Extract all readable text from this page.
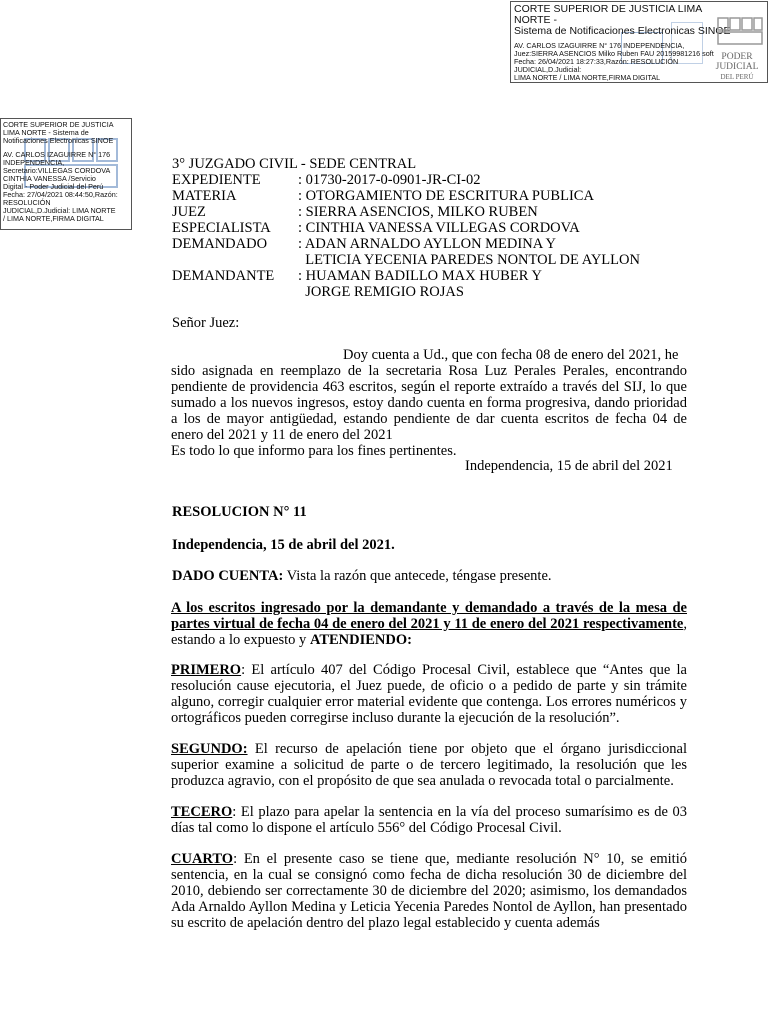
CORTE SUPERIOR DE JUSTICIA LIMA NORTE -
Sistema de Notificaciones Electronicas SINOE
AV. CARLOS IZAGUIRRE N° 176 INDEPENDENCIA,
Juez:SIERRA ASENCIOS Milko Ruben FAU 20159981216 soft
Fecha: 26/04/2021 18:27:33,Razón: RESOLUCIÓN JUDICIAL,D.Judicial:
LIMA NORTE / LIMA NORTE,FIRMA DIGITAL
PODER JUDICIAL
DEL PERÚ
CORTE SUPERIOR DE JUSTICIA
LIMA NORTE - Sistema de
Notificaciones Electronicas SINOE
AV. CARLOS IZAGUIRRE N° 176
INDEPENDENCIA,
Secretario:VILLEGAS CORDOVA
CINTHIA VANESSA /Servicio
Digital - Poder Judicial del Perú
Fecha: 27/04/2021 08:44:50,Razón:
RESOLUCIÓN
JUDICIAL,D.Judicial: LIMA NORTE
/ LIMA NORTE,FIRMA DIGITAL
3° JUZGADO CIVIL - SEDE CENTRAL
EXPEDIENTE	: 01730-2017-0-0901-JR-CI-02
MATERIA	: OTORGAMIENTO DE ESCRITURA PUBLICA
JUEZ	: SIERRA ASENCIOS, MILKO RUBEN
ESPECIALISTA : CINTHIA VANESSA VILLEGAS CORDOVA
DEMANDADO : ADAN ARNALDO AYLLON MEDINA Y
LETICIA YECENIA PAREDES NONTOL DE AYLLON
DEMANDANTE : HUAMAN BADILLO MAX HUBER Y
JORGE REMIGIO ROJAS
Señor Juez:
Doy cuenta a Ud., que con fecha 08 de enero del 2021, he
sido asignada en reemplazo de la secretaria Rosa Luz Perales Perales, encontrando
pendiente de providencia 463 escritos, según el reporte extraído a través del SIJ, lo que
sumado a los nuevos ingresos, estoy dando cuenta en forma progresiva, dando prioridad
a los de mayor antigüedad, estando pendiente de dar cuenta escritos de fecha 04 de
enero del 2021 y 11 de enero del 2021
Es todo lo que informo para los fines pertinentes.
Independencia, 15 de abril del 2021
RESOLUCION N° 11
Independencia, 15 de abril del 2021.
DADO CUENTA: Vista la razón que antecede, téngase presente.
A los escritos ingresado por la demandante y demandado a través de la mesa de partes virtual de fecha 04 de enero del 2021 y 11 de enero del 2021 respectivamente, estando a lo expuesto y ATENDIENDO:
PRIMERO: El artículo 407 del Código Procesal Civil, establece que “Antes que la resolución cause ejecutoria, el Juez puede, de oficio o a pedido de parte y sin trámite alguno, corregir cualquier error material evidente que contenga. Los errores numéricos y ortográficos pueden corregirse incluso durante la ejecución de la resolución”.
SEGUNDO: El recurso de apelación tiene por objeto que el órgano jurisdiccional superior examine a solicitud de parte o de tercero legitimado, la resolución que les produzca agravio, con el propósito de que sea anulada o revocada total o parcialmente.
TECERO: El plazo para apelar la sentencia en la vía del proceso sumarísimo es de 03 días tal como lo dispone el artículo 556° del Código Procesal Civil.
CUARTO: En el presente caso se tiene que, mediante resolución N° 10, se emitió sentencia, en la cual se consignó como fecha de dicha resolución 30 de diciembre del 2010, debiendo ser correctamente 30 de diciembre del 2020; asimismo, los demandados Ada Arnaldo Ayllon Medina y Leticia Yecenia Paredes Nontol de Ayllon, han presentado su escrito de apelación dentro del plazo legal establecido y cuenta además
